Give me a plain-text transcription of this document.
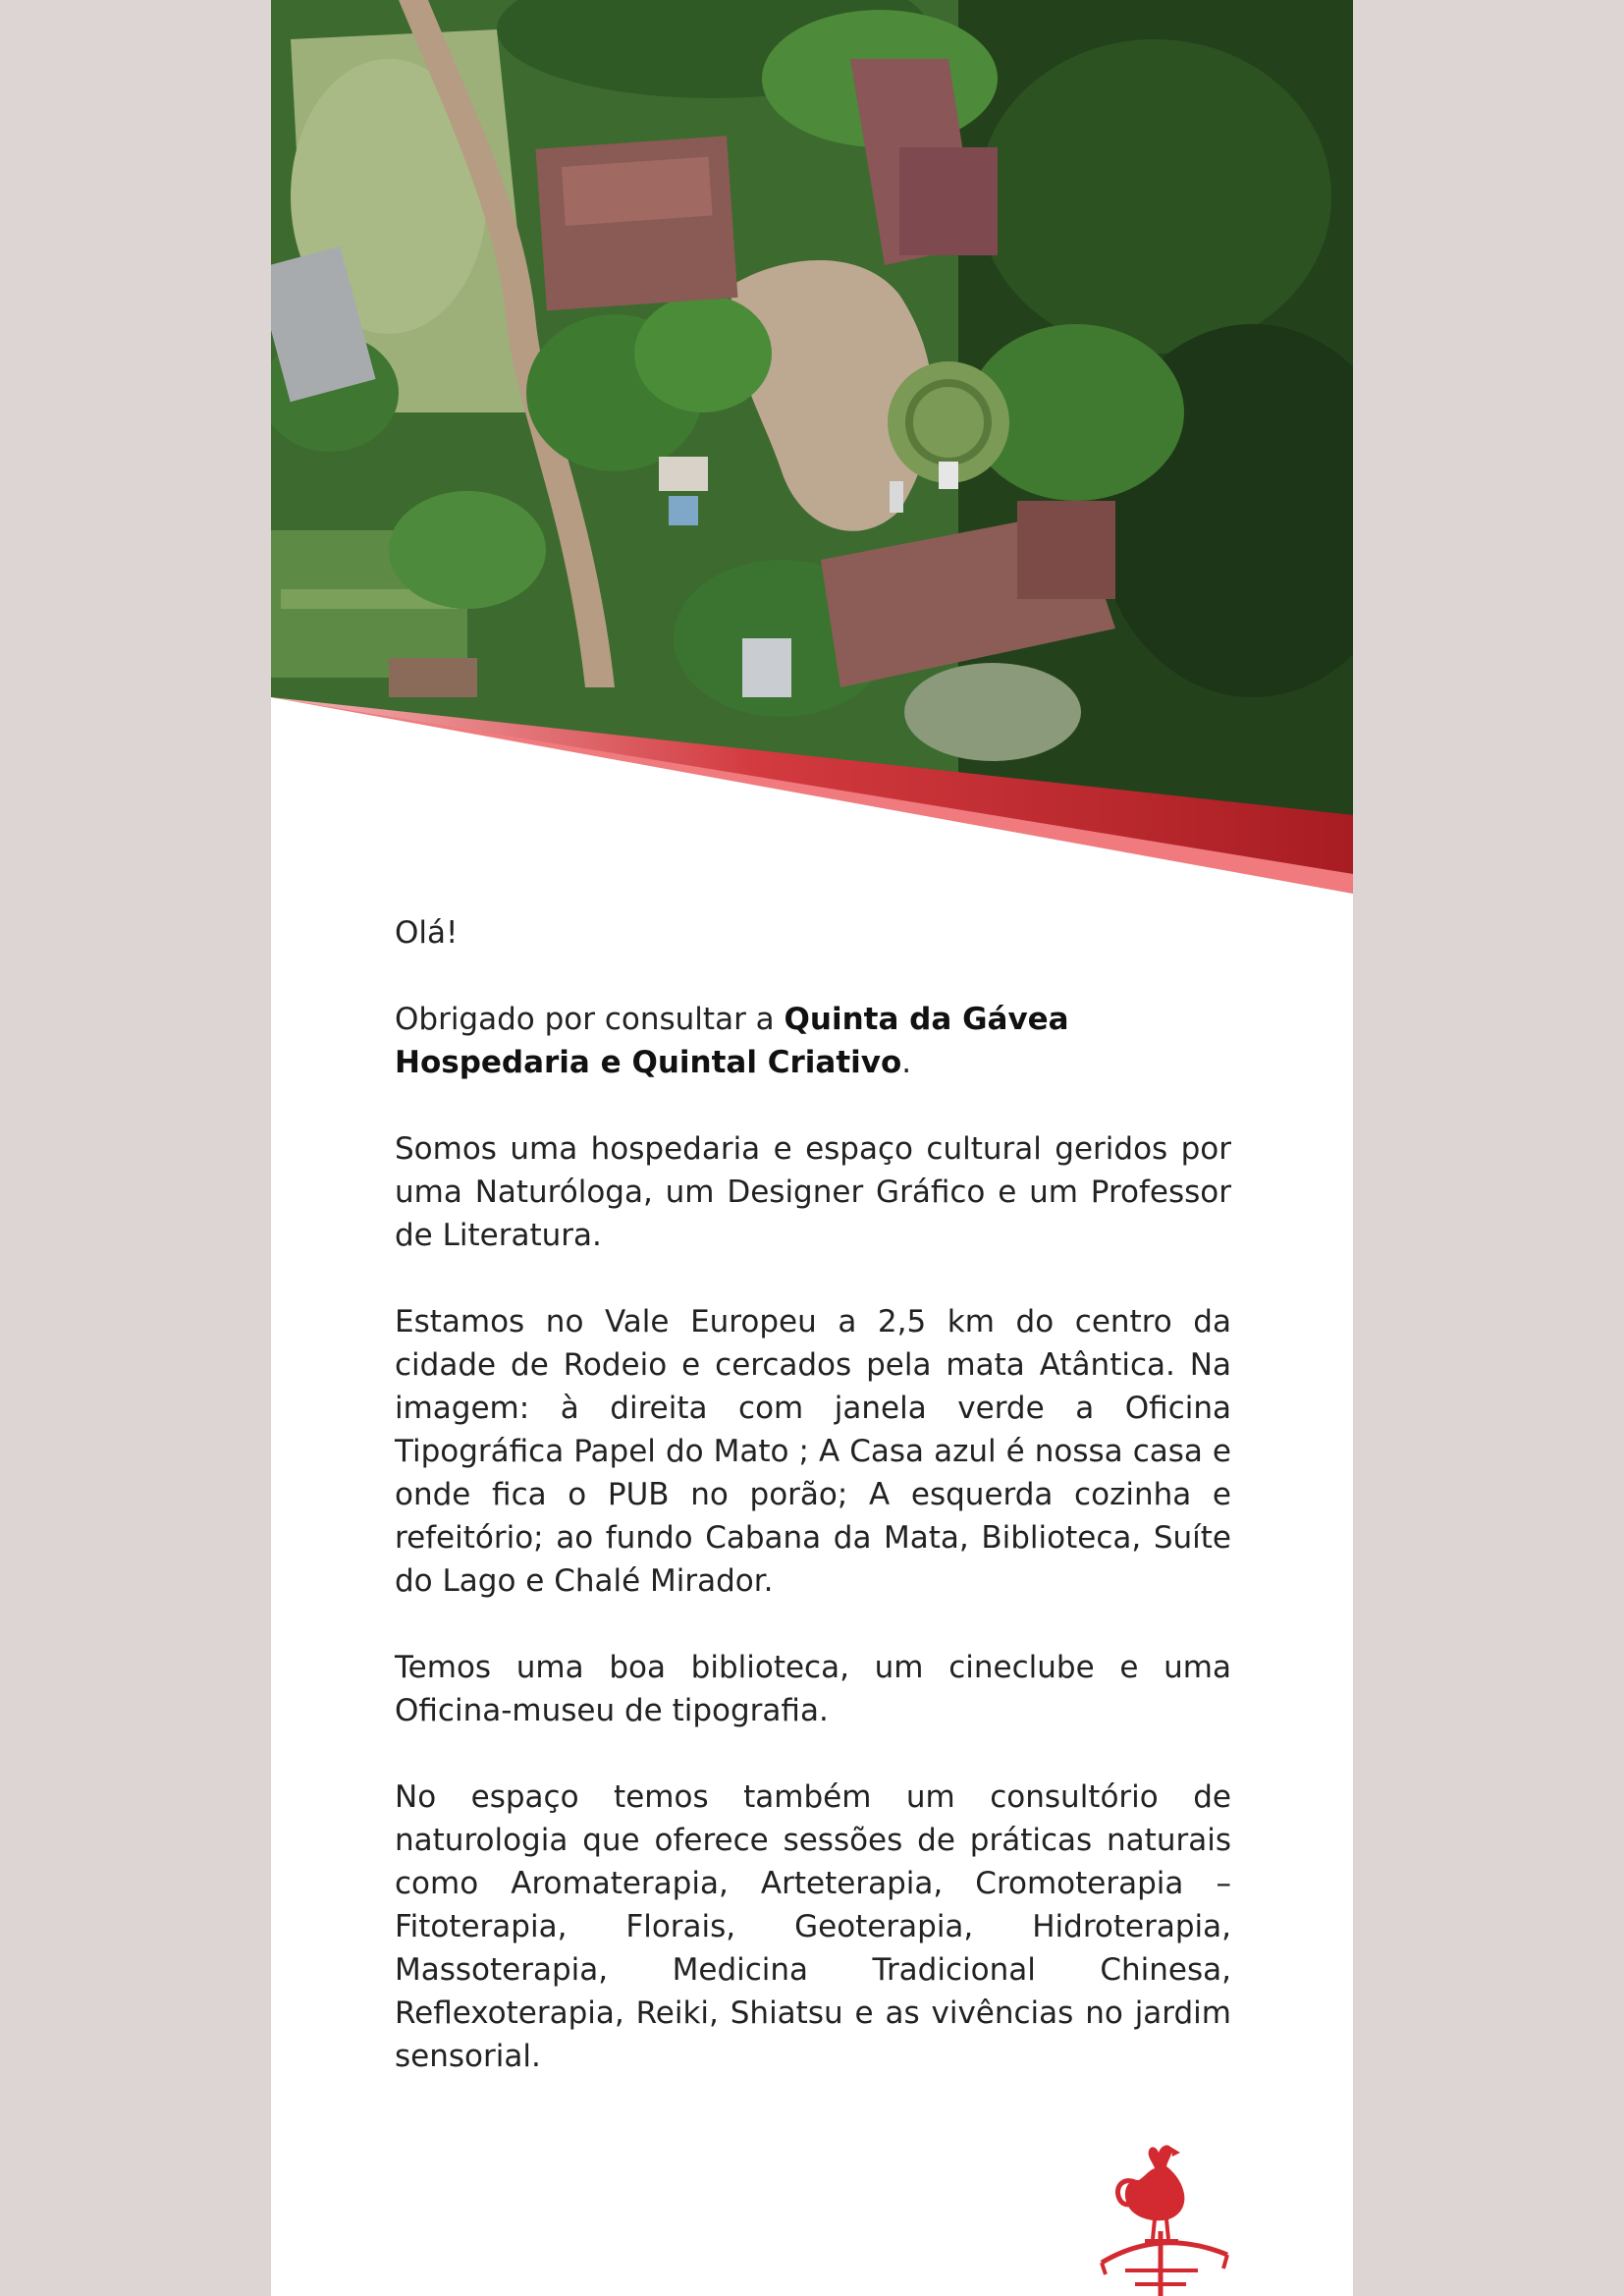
Olá!

Obrigado por consultar a Quinta da Gávea Hospedaria e Quintal Criativo.

Somos uma hospedaria e espaço cultural geridos por uma Naturóloga, um Designer Gráfico e um Professor de Literatura.

Estamos no Vale Europeu a 2,5 km do centro da cidade de Rodeio e cercados pela mata Atântica. Na imagem: à direita com janela verde a Oficina Tipográfica Papel do Mato ; A Casa azul é nossa casa e onde fica o PUB no porão; A esquerda cozinha e refeitório; ao fundo Cabana da Mata, Biblioteca, Suíte do Lago e Chalé Mirador.

Temos uma boa biblioteca, um cineclube e uma Oficina-museu de tipografia.

No espaço temos também um consultório de naturologia que oferece sessões de práticas naturais como Aromaterapia, Arteterapia, Cromoterapia – Fitoterapia, Florais, Geoterapia, Hidroterapia, Massoterapia, Medicina Tradicional Chinesa, Reflexoterapia, Reiki, Shiatsu e as vivências no jardim sensorial.
